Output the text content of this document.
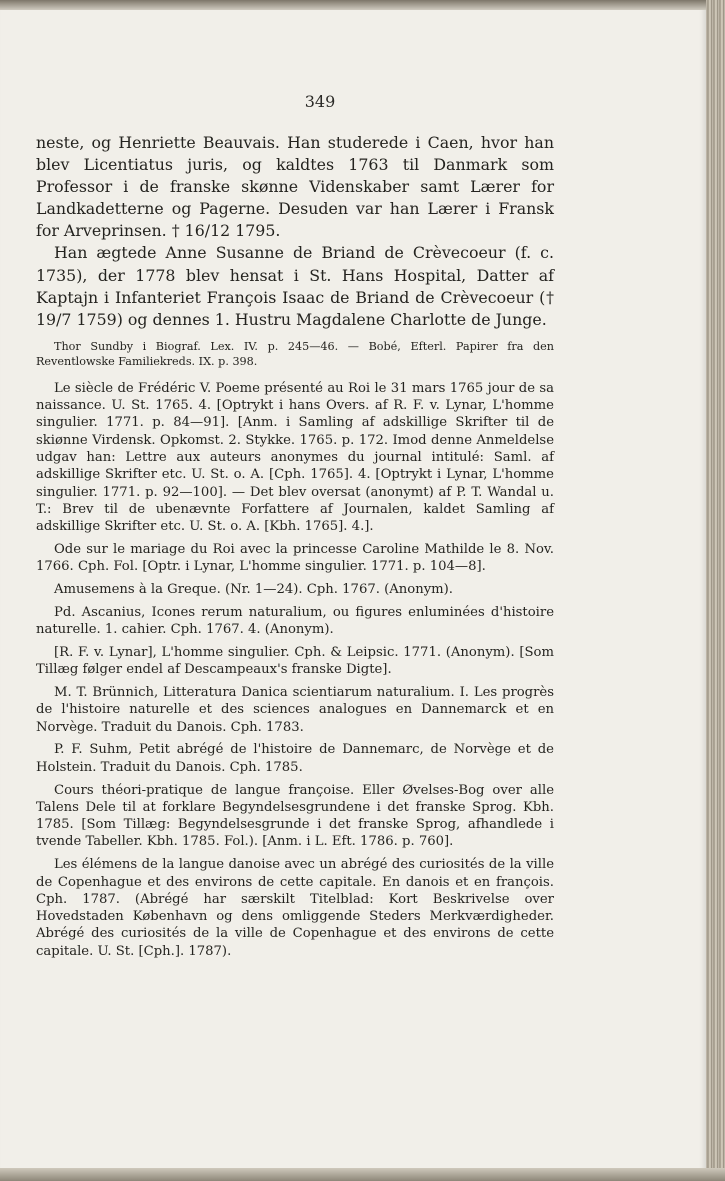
349

neste, og Henriette Beauvais. Han studerede i Caen, hvor han blev Licentiatus juris, og kaldtes 1763 til Danmark som Professor i de franske skønne Videnskaber samt Lærer for Landkadetterne og Pagerne. Desuden var han Lærer i Fransk for Arveprinsen. † 16/12 1795.

Han ægtede Anne Susanne de Briand de Crèvecoeur (f. c. 1735), der 1778 blev hensat i St. Hans Hospital, Datter af Kaptajn i Infanteriet François Isaac de Briand de Crèvecoeur († 19/7 1759) og dennes 1. Hustru Magdalene Charlotte de Junge.

Thor Sundby i Biograf. Lex. IV. p. 245—46. — Bobé, Efterl. Papirer fra den Reventlowske Familiekreds. IX. p. 398.

Le siècle de Frédéric V. Poeme présenté au Roi le 31 mars 1765 jour de sa naissance. U. St. 1765. 4. [Optrykt i hans Overs. af R. F. v. Lynar, L'homme singulier. 1771. p. 84—91]. [Anm. i Samling af adskillige Skrifter til de skiønne Virdensk. Opkomst. 2. Stykke. 1765. p. 172. Imod denne Anmeldelse udgav han: Lettre aux auteurs anonymes du journal intitulé: Saml. af adskillige Skrifter etc. U. St. o. A. [Cph. 1765]. 4. [Optrykt i Lynar, L'homme singulier. 1771. p. 92—100]. — Det blev oversat (anonymt) af P. T. Wandal u. T.: Brev til de ubenævnte Forfattere af Journalen, kaldet Samling af adskillige Skrifter etc. U. St. o. A. [Kbh. 1765]. 4.].

Ode sur le mariage du Roi avec la princesse Caroline Mathilde le 8. Nov. 1766. Cph. Fol. [Optr. i Lynar, L'homme singulier. 1771. p. 104—8].

Amusemens à la Greque. (Nr. 1—24). Cph. 1767. (Anonym).

Pd. Ascanius, Icones rerum naturalium, ou figures enluminées d'histoire naturelle. 1. cahier. Cph. 1767. 4. (Anonym).

[R. F. v. Lynar], L'homme singulier. Cph. & Leipsic. 1771. (Anonym). [Som Tillæg følger endel af Descampeaux's franske Digte].

M. T. Brünnich, Litteratura Danica scientiarum naturalium. I. Les progrès de l'histoire naturelle et des sciences analogues en Dannemarck et en Norvège. Traduit du Danois. Cph. 1783.

P. F. Suhm, Petit abrégé de l'histoire de Dannemarc, de Norvège et de Holstein. Traduit du Danois. Cph. 1785.

Cours théori-pratique de langue françoise. Eller Øvelses-Bog over alle Talens Dele til at forklare Begyndelsesgrundene i det franske Sprog. Kbh. 1785. [Som Tillæg: Begyndelsesgrunde i det franske Sprog, afhandlede i tvende Tabeller. Kbh. 1785. Fol.). [Anm. i L. Eft. 1786. p. 760].

Les élémens de la langue danoise avec un abrégé des curiosités de la ville de Copenhague et des environs de cette capitale. En danois et en françois. Cph. 1787. (Abrégé har særskilt Titelblad: Kort Beskrivelse over Hovedstaden København og dens omliggende Steders Merkværdigheder. Abrégé des curiosités de la ville de Copenhague et des environs de cette capitale. U. St. [Cph.]. 1787).
